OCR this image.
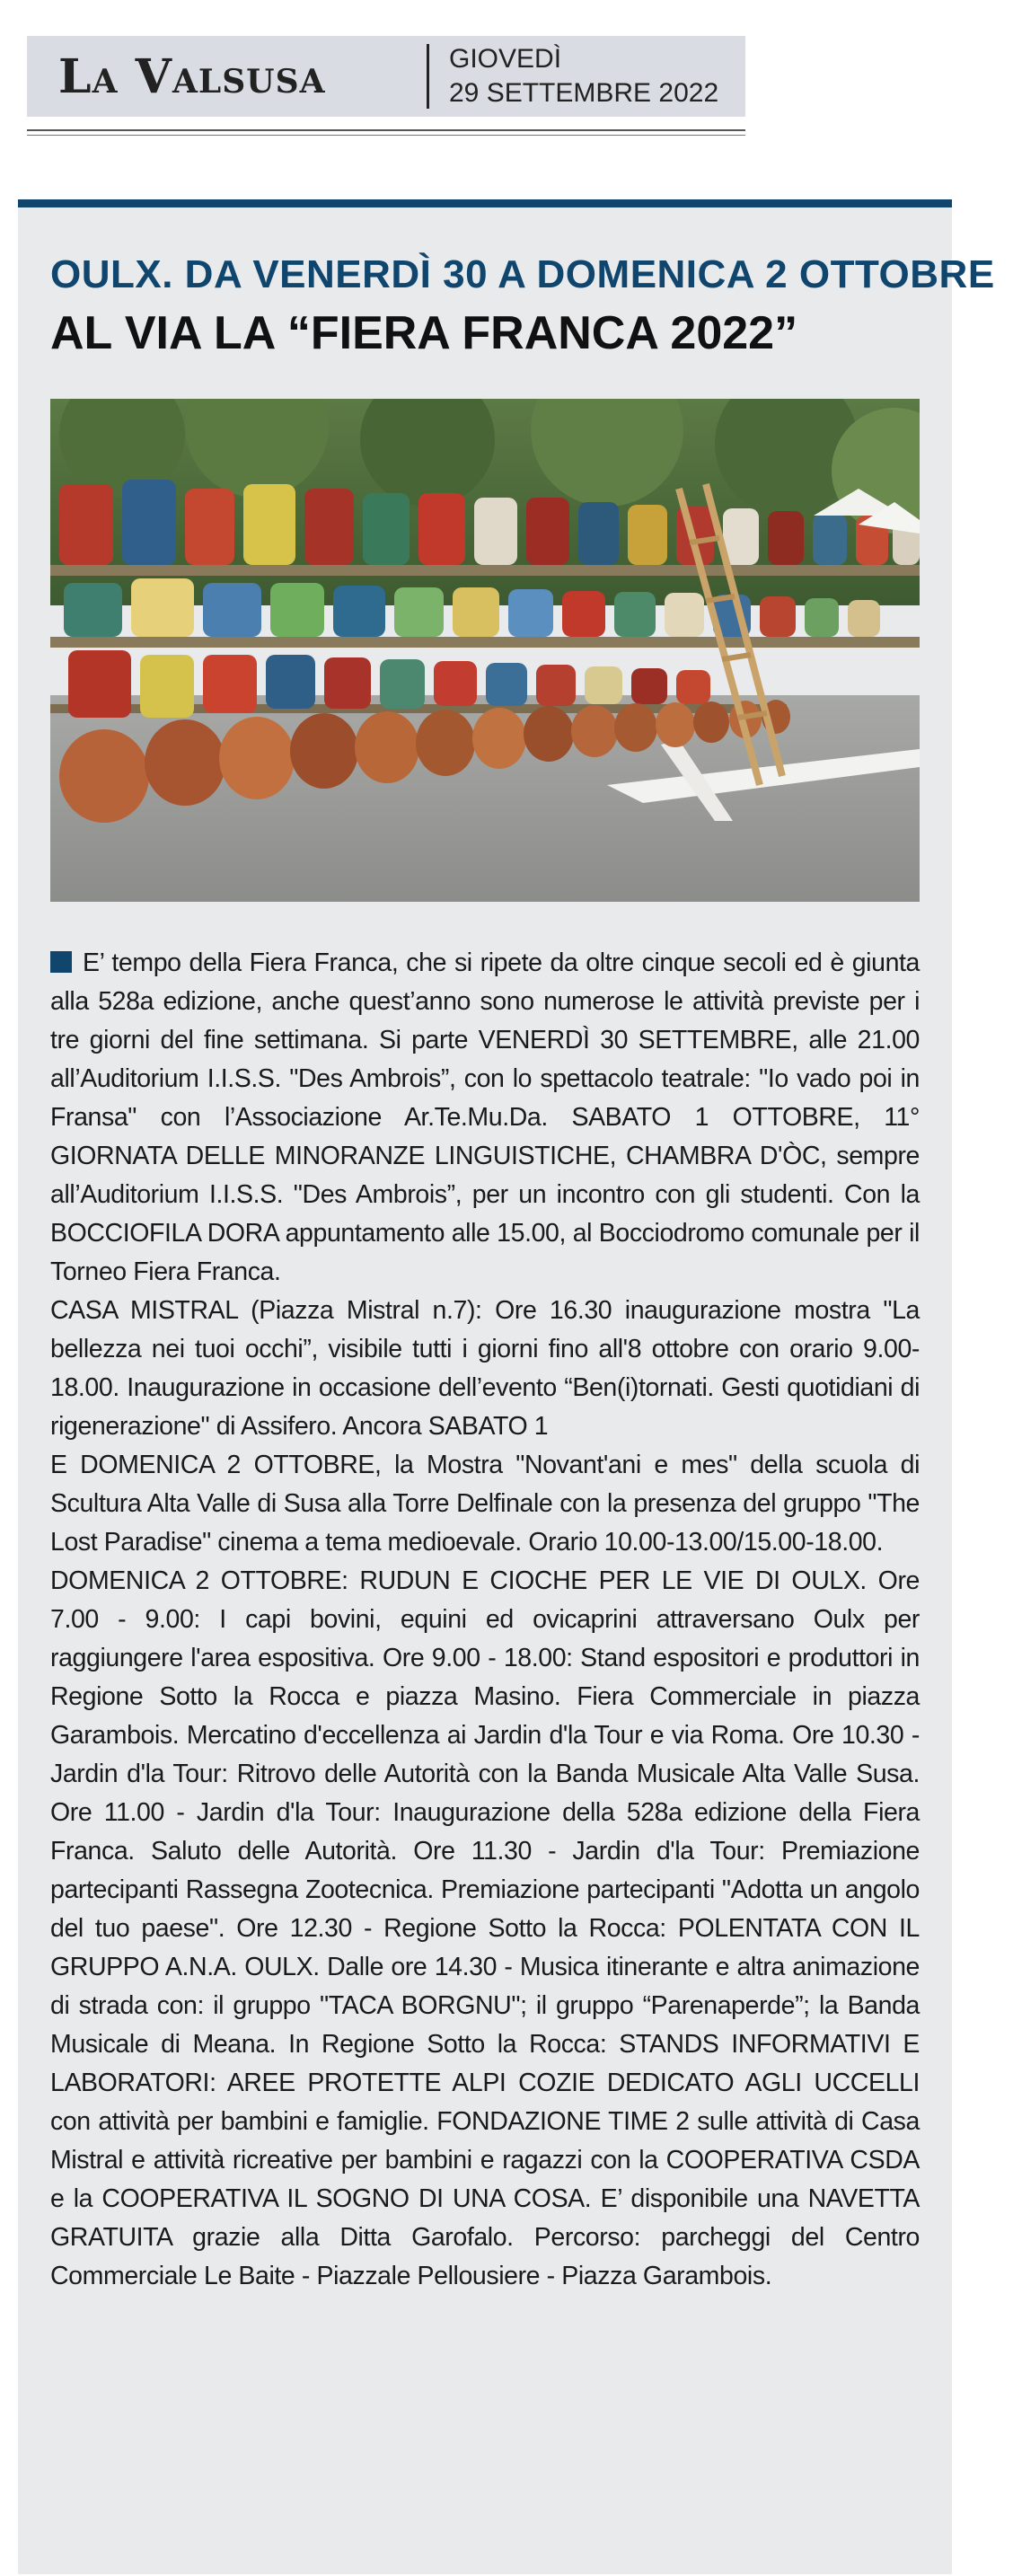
La Valsusa	GIOVEDÌ
29 SETTEMBRE 2022
OULX. DA VENERDÌ 30 A DOMENICA 2 OTTOBRE
AL VIA LA “FIERA FRANCA 2022”

E’ tempo della Fiera Franca, che si ripete da oltre cinque secoli ed è giunta alla 528a edizione, anche quest’anno sono numerose le attività previste per i tre giorni del fine settimana. Si parte VENERDÌ 30 SETTEMBRE, alle 21.00 all’Auditorium I.I.S.S. "Des Ambrois”, con lo spettacolo teatrale: "Io vado poi in Fransa" con l’Associazione Ar.Te.Mu.Da. SABATO 1 OTTOBRE, 11° GIORNATA DELLE MINORANZE LINGUISTICHE, CHAMBRA D'ÒC, sempre all’Auditorium I.I.S.S. "Des Ambrois”, per un incontro con gli studenti. Con la BOCCIOFILA DORA appuntamento alle 15.00, al Bocciodromo comunale per il Torneo Fiera Franca.

CASA MISTRAL (Piazza Mistral n.7): Ore 16.30 inaugurazione mostra "La bellezza nei tuoi occhi”, visibile tutti i giorni fino all'8 ottobre con orario 9.00-18.00. Inaugurazione in occasione dell’evento “Ben(i)tornati. Gesti quotidiani di rigenerazione" di Assifero. Ancora SABATO 1

E DOMENICA 2 OTTOBRE, la Mostra "Novant'ani e mes" della scuola di Scultura Alta Valle di Susa alla Torre Delfinale con la presenza del gruppo "The Lost Paradise" cinema a tema medioevale. Orario 10.00-13.00/15.00-18.00.

DOMENICA 2 OTTOBRE: RUDUN E CIOCHE PER LE VIE DI OULX. Ore 7.00 - 9.00: I capi bovini, equini ed ovicaprini attraversano Oulx per raggiungere l'area espositiva. Ore 9.00 - 18.00: Stand espositori e produttori in Regione Sotto la Rocca e piazza Masino. Fiera Commerciale in piazza Garambois. Mercatino d'eccellenza ai Jardin d'la Tour e via Roma. Ore 10.30 - Jardin d'la Tour: Ritrovo delle Autorità con la Banda Musicale Alta Valle Susa. Ore 11.00 - Jardin d'la Tour: Inaugurazione della 528a edizione della Fiera Franca. Saluto delle Autorità. Ore 11.30 - Jardin d'la Tour: Premiazione partecipanti Rassegna Zootecnica. Premiazione partecipanti "Adotta un angolo del tuo paese". Ore 12.30 - Regione Sotto la Rocca: POLENTATA CON IL GRUPPO A.N.A. OULX. Dalle ore 14.30 - Musica itinerante e altra animazione di strada con: il gruppo "TACA BORGNU"; il gruppo “Parenaperde”; la Banda Musicale di Meana. In Regione Sotto la Rocca: STANDS INFORMATIVI E LABORATORI: AREE PROTETTE ALPI COZIE DEDICATO AGLI UCCELLI con attività per bambini e famiglie. FONDAZIONE TIME 2 sulle attività di Casa Mistral e attività ricreative per bambini e ragazzi con la COOPERATIVA CSDA e la COOPERATIVA IL SOGNO DI UNA COSA. E’ disponibile una NAVETTA GRATUITA grazie alla Ditta Garofalo. Percorso: parcheggi del Centro Commerciale Le Baite - Piazzale Pellousiere - Piazza Garambois.
